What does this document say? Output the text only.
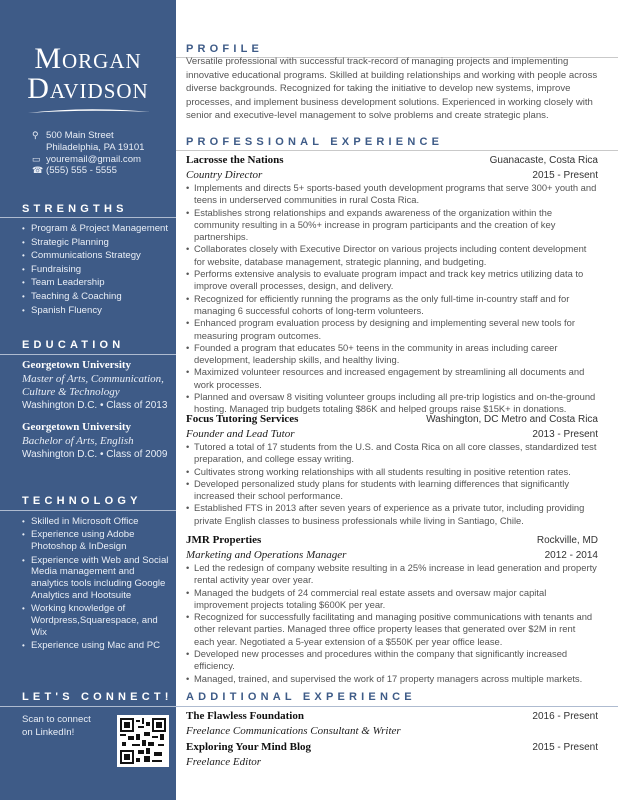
Morgan
Davidson
⚲ 500 Main Street
Philadelphia, PA 19101
▭ youremail@gmail.com
☎ (555) 555 - 5555
STRENGTHS
• Program & Project Management
• Strategic Planning
• Communications Strategy
• Fundraising
• Team Leadership
• Teaching & Coaching
• Spanish Fluency
EDUCATION
Georgetown University
Master of Arts, Communication, Culture & Technology
Washington D.C. • Class of 2013
Georgetown University
Bachelor of Arts, English
Washington D.C. • Class of 2009
TECHNOLOGY
• Skilled in Microsoft Office
• Experience using Adobe Photoshop & InDesign
• Experience with Web and Social Media management and analytics tools including Google Analytics and Hootsuite
• Working knowledge of Wordpress,Squarespace, and Wix
• Experience using Mac and PC
LET'S CONNECT!
Scan to connect on LinkedIn!
PROFILE

Versatile professional with successful track-record of managing projects and implementing innovative educational programs. Skilled at building relationships and working with people across diverse backgrounds. Recognized for taking the initiative to develop new systems, improve processes, and implement business development solutions. Experienced in working closely with senior and executive-level management to solve problems and create strategic plans.

PROFESSIONAL EXPERIENCE
Lacrosse the Nations	Guanacaste, Costa Rica
Country Director	2015 - Present
• Implements and directs 5+ sports-based youth development programs that serve 300+ youth and teens in underserved communities in rural Costa Rica.
• Establishes strong relationships and expands awareness of the organization within the community resulting in a 50%+ increase in program participants and the creation of key partnerships.
• Collaborates closely with Executive Director on various projects including content development for website, database management, strategic planning, and budgeting.
• Performs extensive analysis to evaluate program impact and track key metrics utilizing data to improve overall processes, design, and delivery.
• Recognized for efficiently running the programs as the only full-time in-country staff and for managing 6 successful cohorts of long-term volunteers.
• Enhanced program evaluation process by designing and implementing several new tools for measuring program outcomes.
• Founded a program that educates 50+ teens in the community in areas including career development, leadership skills, and healthy living.
• Maximized volunteer resources and increased engagement by streamlining all documents and work processes.
• Planned and oversaw 8 visiting volunteer groups including all pre-trip logistics and on-the-ground hosting. Managed trip budgets totaling $86K and helped groups raise $15K+ in donations.
Focus Tutoring Services	Washington, DC Metro and Costa Rica
Founder and Lead Tutor	2013 - Present
• Tutored a total of 17 students from the U.S. and Costa Rica on all core classes, standardized test preparation, and college essay writing.
• Cultivates strong working relationships with all students resulting in positive retention rates.
• Developed personalized study plans for students with learning differences that significantly increased their school performance.
• Established FTS in 2013 after seven years of experience as a private tutor, including providing private English classes to business professionals while living in Santiago, Chile.
JMR Properties	Rockville, MD
Marketing and Operations Manager	2012 - 2014
• Led the redesign of company website resulting in a 25% increase in lead generation and property rental activity year over year.
• Managed the budgets of 24 commercial real estate assets and oversaw major capital improvement projects totaling $600K per year.
• Recognized for successfully facilitating and managing positive communications with tenants and other relevant parties. Managed three office property leases that generated over $2M in rent each year. Negotiated a 5-year extension of a $550K per year office lease.
• Developed new processes and procedures within the company that significantly increased efficiency.
• Managed, trained, and supervised the work of 17 property managers across multiple markets.
ADDITIONAL EXPERIENCE
The Flawless Foundation	2016 - Present
Freelance Communications Consultant & Writer
Exploring Your Mind Blog	2015 - Present
Freelance Editor
